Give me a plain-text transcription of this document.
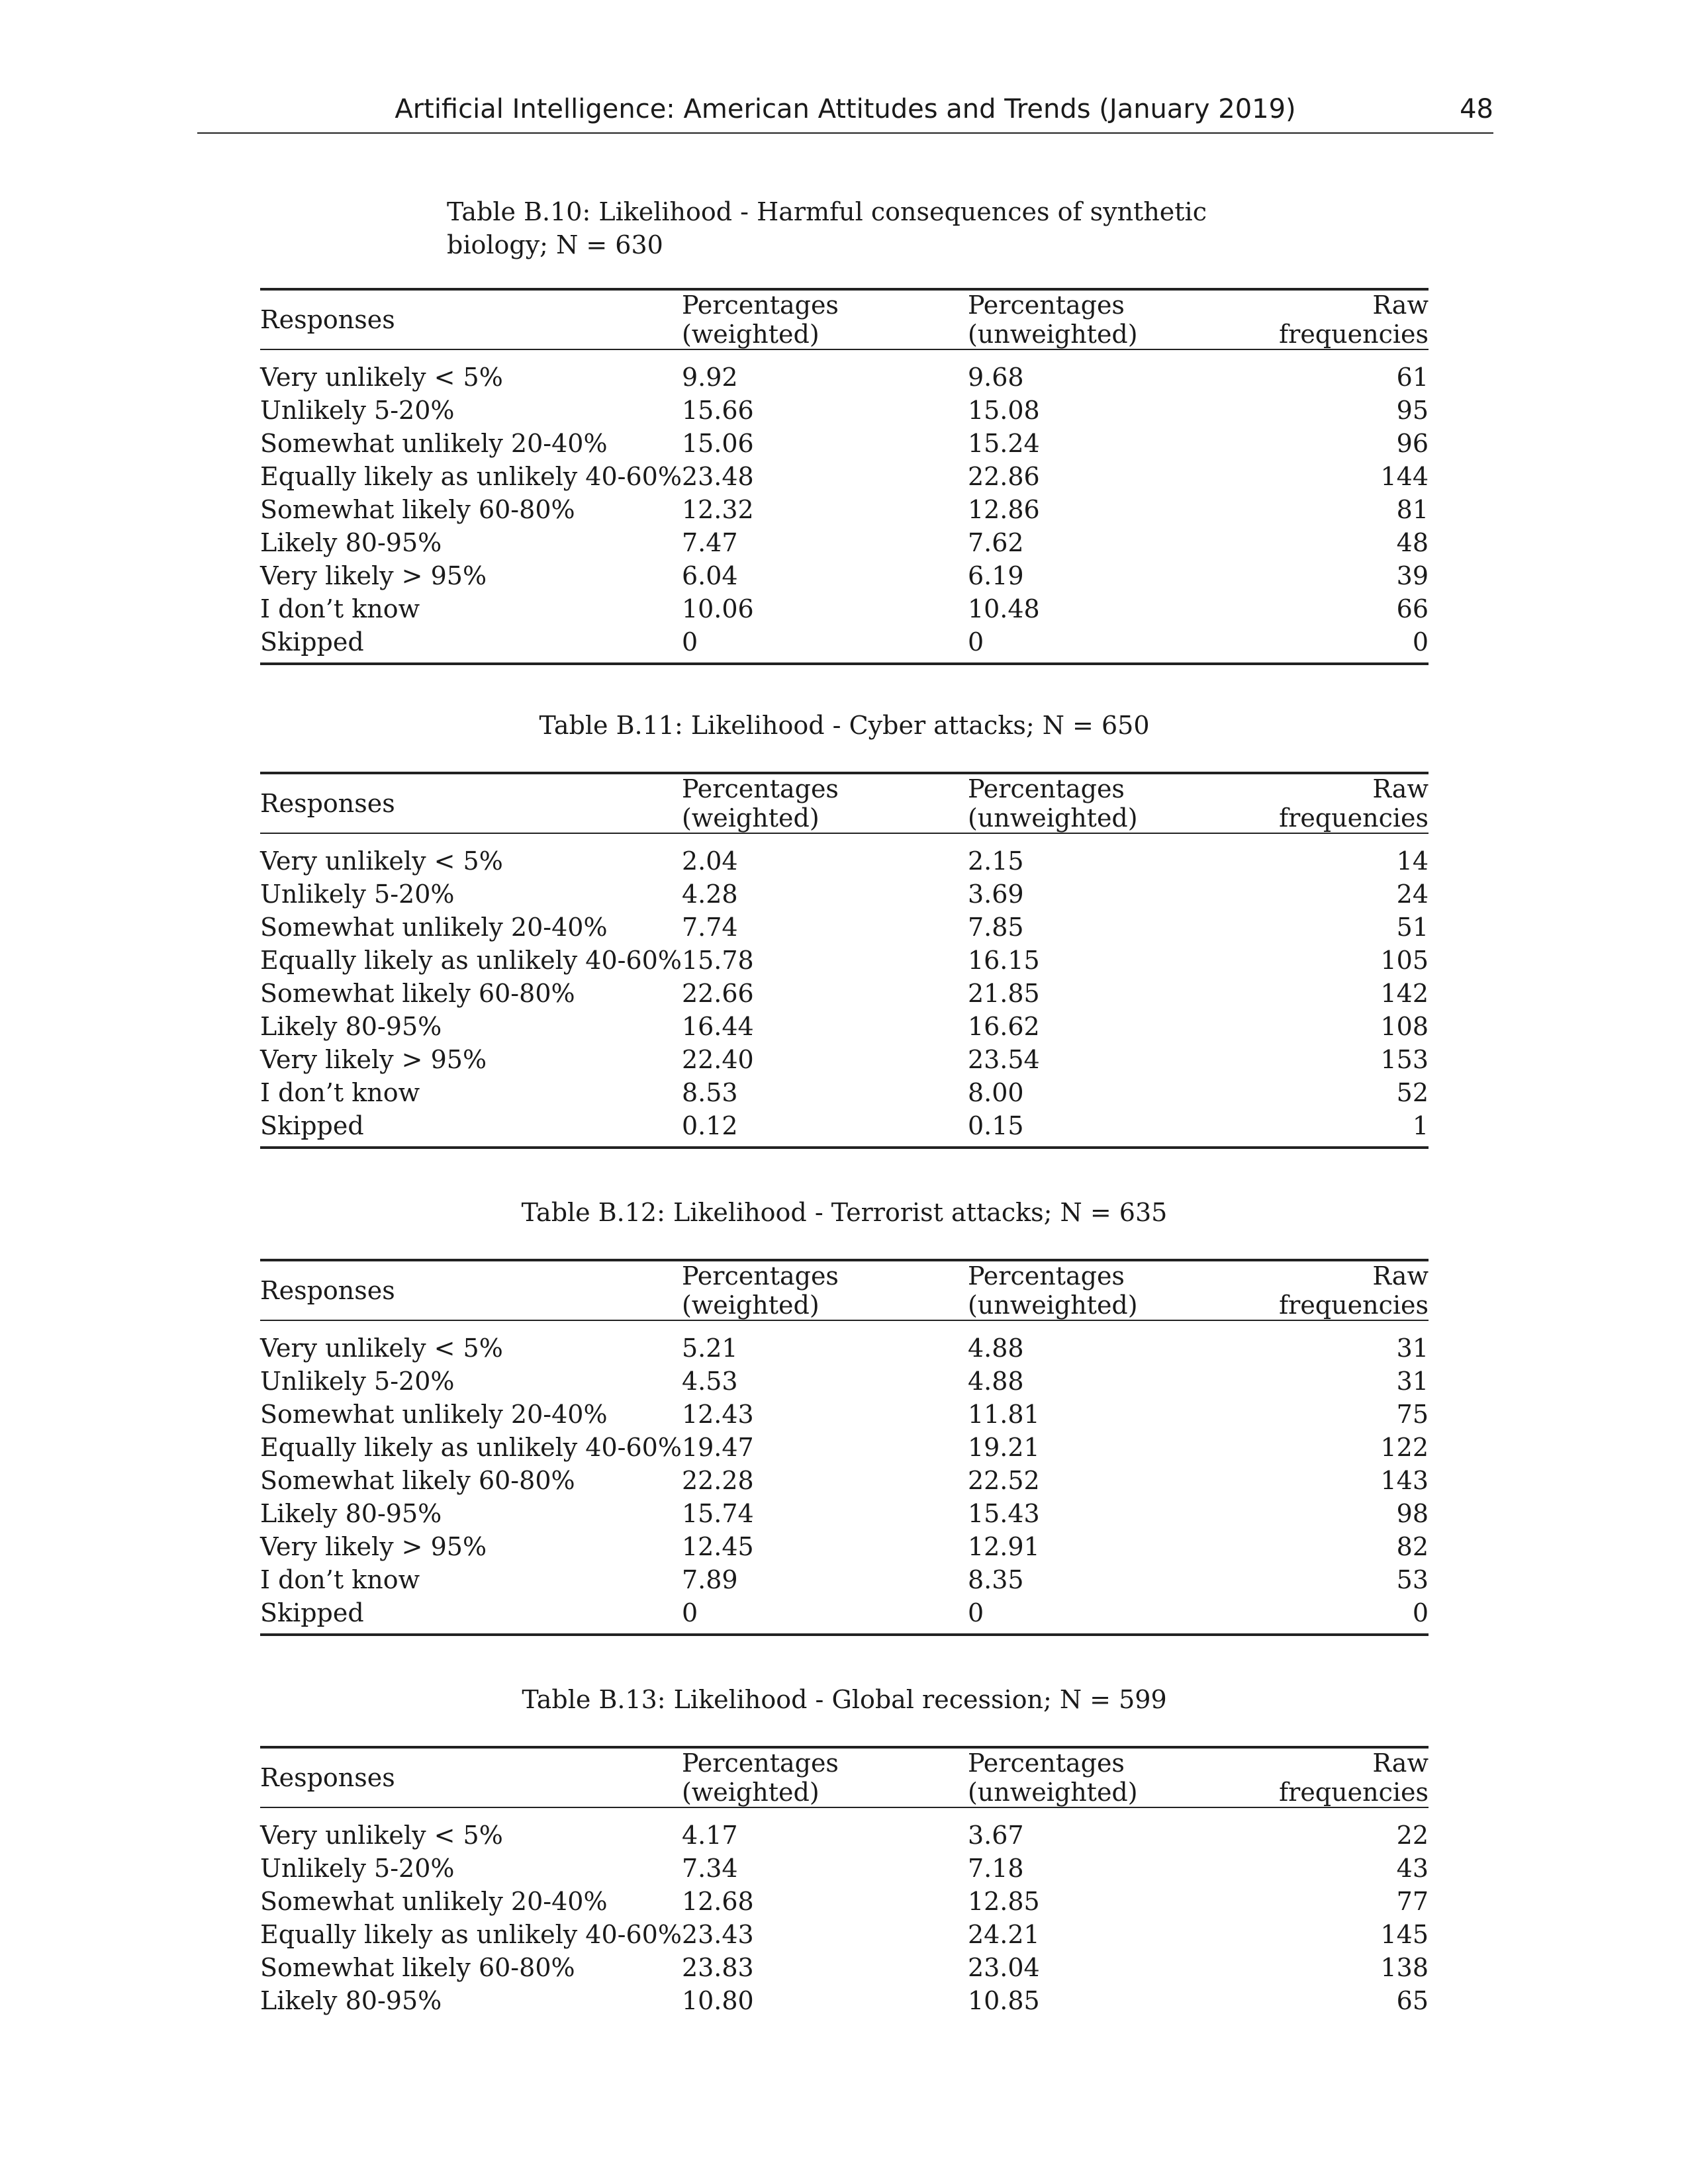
Artificial Intelligence: American Attitudes and Trends (January 2019)	48
Table B.10: Likelihood - Harmful consequences of synthetic biology; N = 630
Responses	Percentages (weighted)	Percentages (unweighted)	Raw frequencies
Very unlikely < 5%	9.92	9.68	61
Unlikely 5-20%	15.66	15.08	95
Somewhat unlikely 20-40%	15.06	15.24	96
Equally likely as unlikely 40-60%	23.48	22.86	144
Somewhat likely 60-80%	12.32	12.86	81
Likely 80-95%	7.47	7.62	48
Very likely > 95%	6.04	6.19	39
I don’t know	10.06	10.48	66
Skipped	0	0	0
Table B.11: Likelihood - Cyber attacks; N = 650
Responses	Percentages (weighted)	Percentages (unweighted)	Raw frequencies
Very unlikely < 5%	2.04	2.15	14
Unlikely 5-20%	4.28	3.69	24
Somewhat unlikely 20-40%	7.74	7.85	51
Equally likely as unlikely 40-60%	15.78	16.15	105
Somewhat likely 60-80%	22.66	21.85	142
Likely 80-95%	16.44	16.62	108
Very likely > 95%	22.40	23.54	153
I don’t know	8.53	8.00	52
Skipped	0.12	0.15	1
Table B.12: Likelihood - Terrorist attacks; N = 635
Responses	Percentages (weighted)	Percentages (unweighted)	Raw frequencies
Very unlikely < 5%	5.21	4.88	31
Unlikely 5-20%	4.53	4.88	31
Somewhat unlikely 20-40%	12.43	11.81	75
Equally likely as unlikely 40-60%	19.47	19.21	122
Somewhat likely 60-80%	22.28	22.52	143
Likely 80-95%	15.74	15.43	98
Very likely > 95%	12.45	12.91	82
I don’t know	7.89	8.35	53
Skipped	0	0	0
Table B.13: Likelihood - Global recession; N = 599
Responses	Percentages (weighted)	Percentages (unweighted)	Raw frequencies
Very unlikely < 5%	4.17	3.67	22
Unlikely 5-20%	7.34	7.18	43
Somewhat unlikely 20-40%	12.68	12.85	77
Equally likely as unlikely 40-60%	23.43	24.21	145
Somewhat likely 60-80%	23.83	23.04	138
Likely 80-95%	10.80	10.85	65
